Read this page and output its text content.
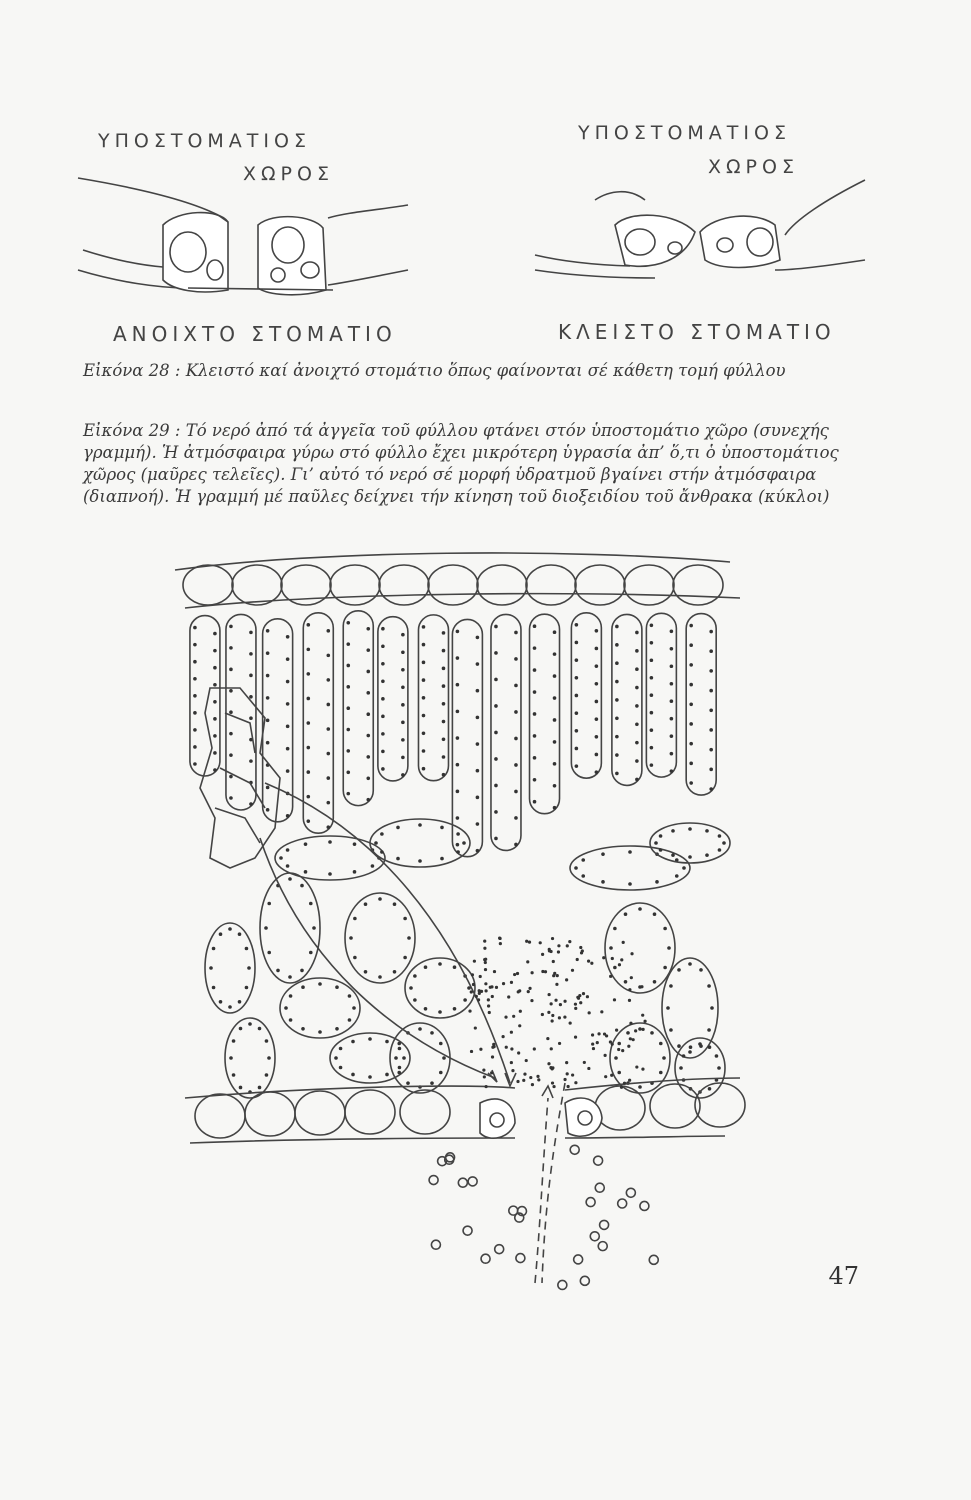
ΥΠΟΣΤΟΜΑΤΙΟΣ
ΧΩΡΟΣ
ΥΠΟΣΤΟΜΑΤΙΟΣ
ΧΩΡΟΣ
ΑΝΟΙΧΤΟ ΣΤΟΜΑΤΙΟ	ΚΛΕΙΣΤΟ ΣΤΟΜΑΤΙΟ
Εἰκόνα 28 : Κλειστό καί ἀνοιχτό στομάτιο ὅπως φαίνονται σέ κάθετη τομή φύλλου
Εἰκόνα 29 : Τό νερό ἀπό τά ἀγγεῖα τοῦ φύλλου φτάνει στόν ὑποστομάτιο χῶρο (συνεχής
γραμμή). Ἡ ἀτμόσφαιρα γύρω στό φύλλο ἔχει μικρότερη ὑγρασία ἀπ’ ὅ,τι ὁ ὑποστομάτιος
χῶρος (μαῦρες τελεῖες). Γι’ αὐτό τό νερό σέ μορφή ὑδρατμοῦ βγαίνει στήν ἀτμόσφαιρα
(διαπνοή). Ἡ γραμμή μέ παῦλες δείχνει τήν κίνηση τοῦ διοξειδίου τοῦ ἄνθρακα (κύκλοι)
47
